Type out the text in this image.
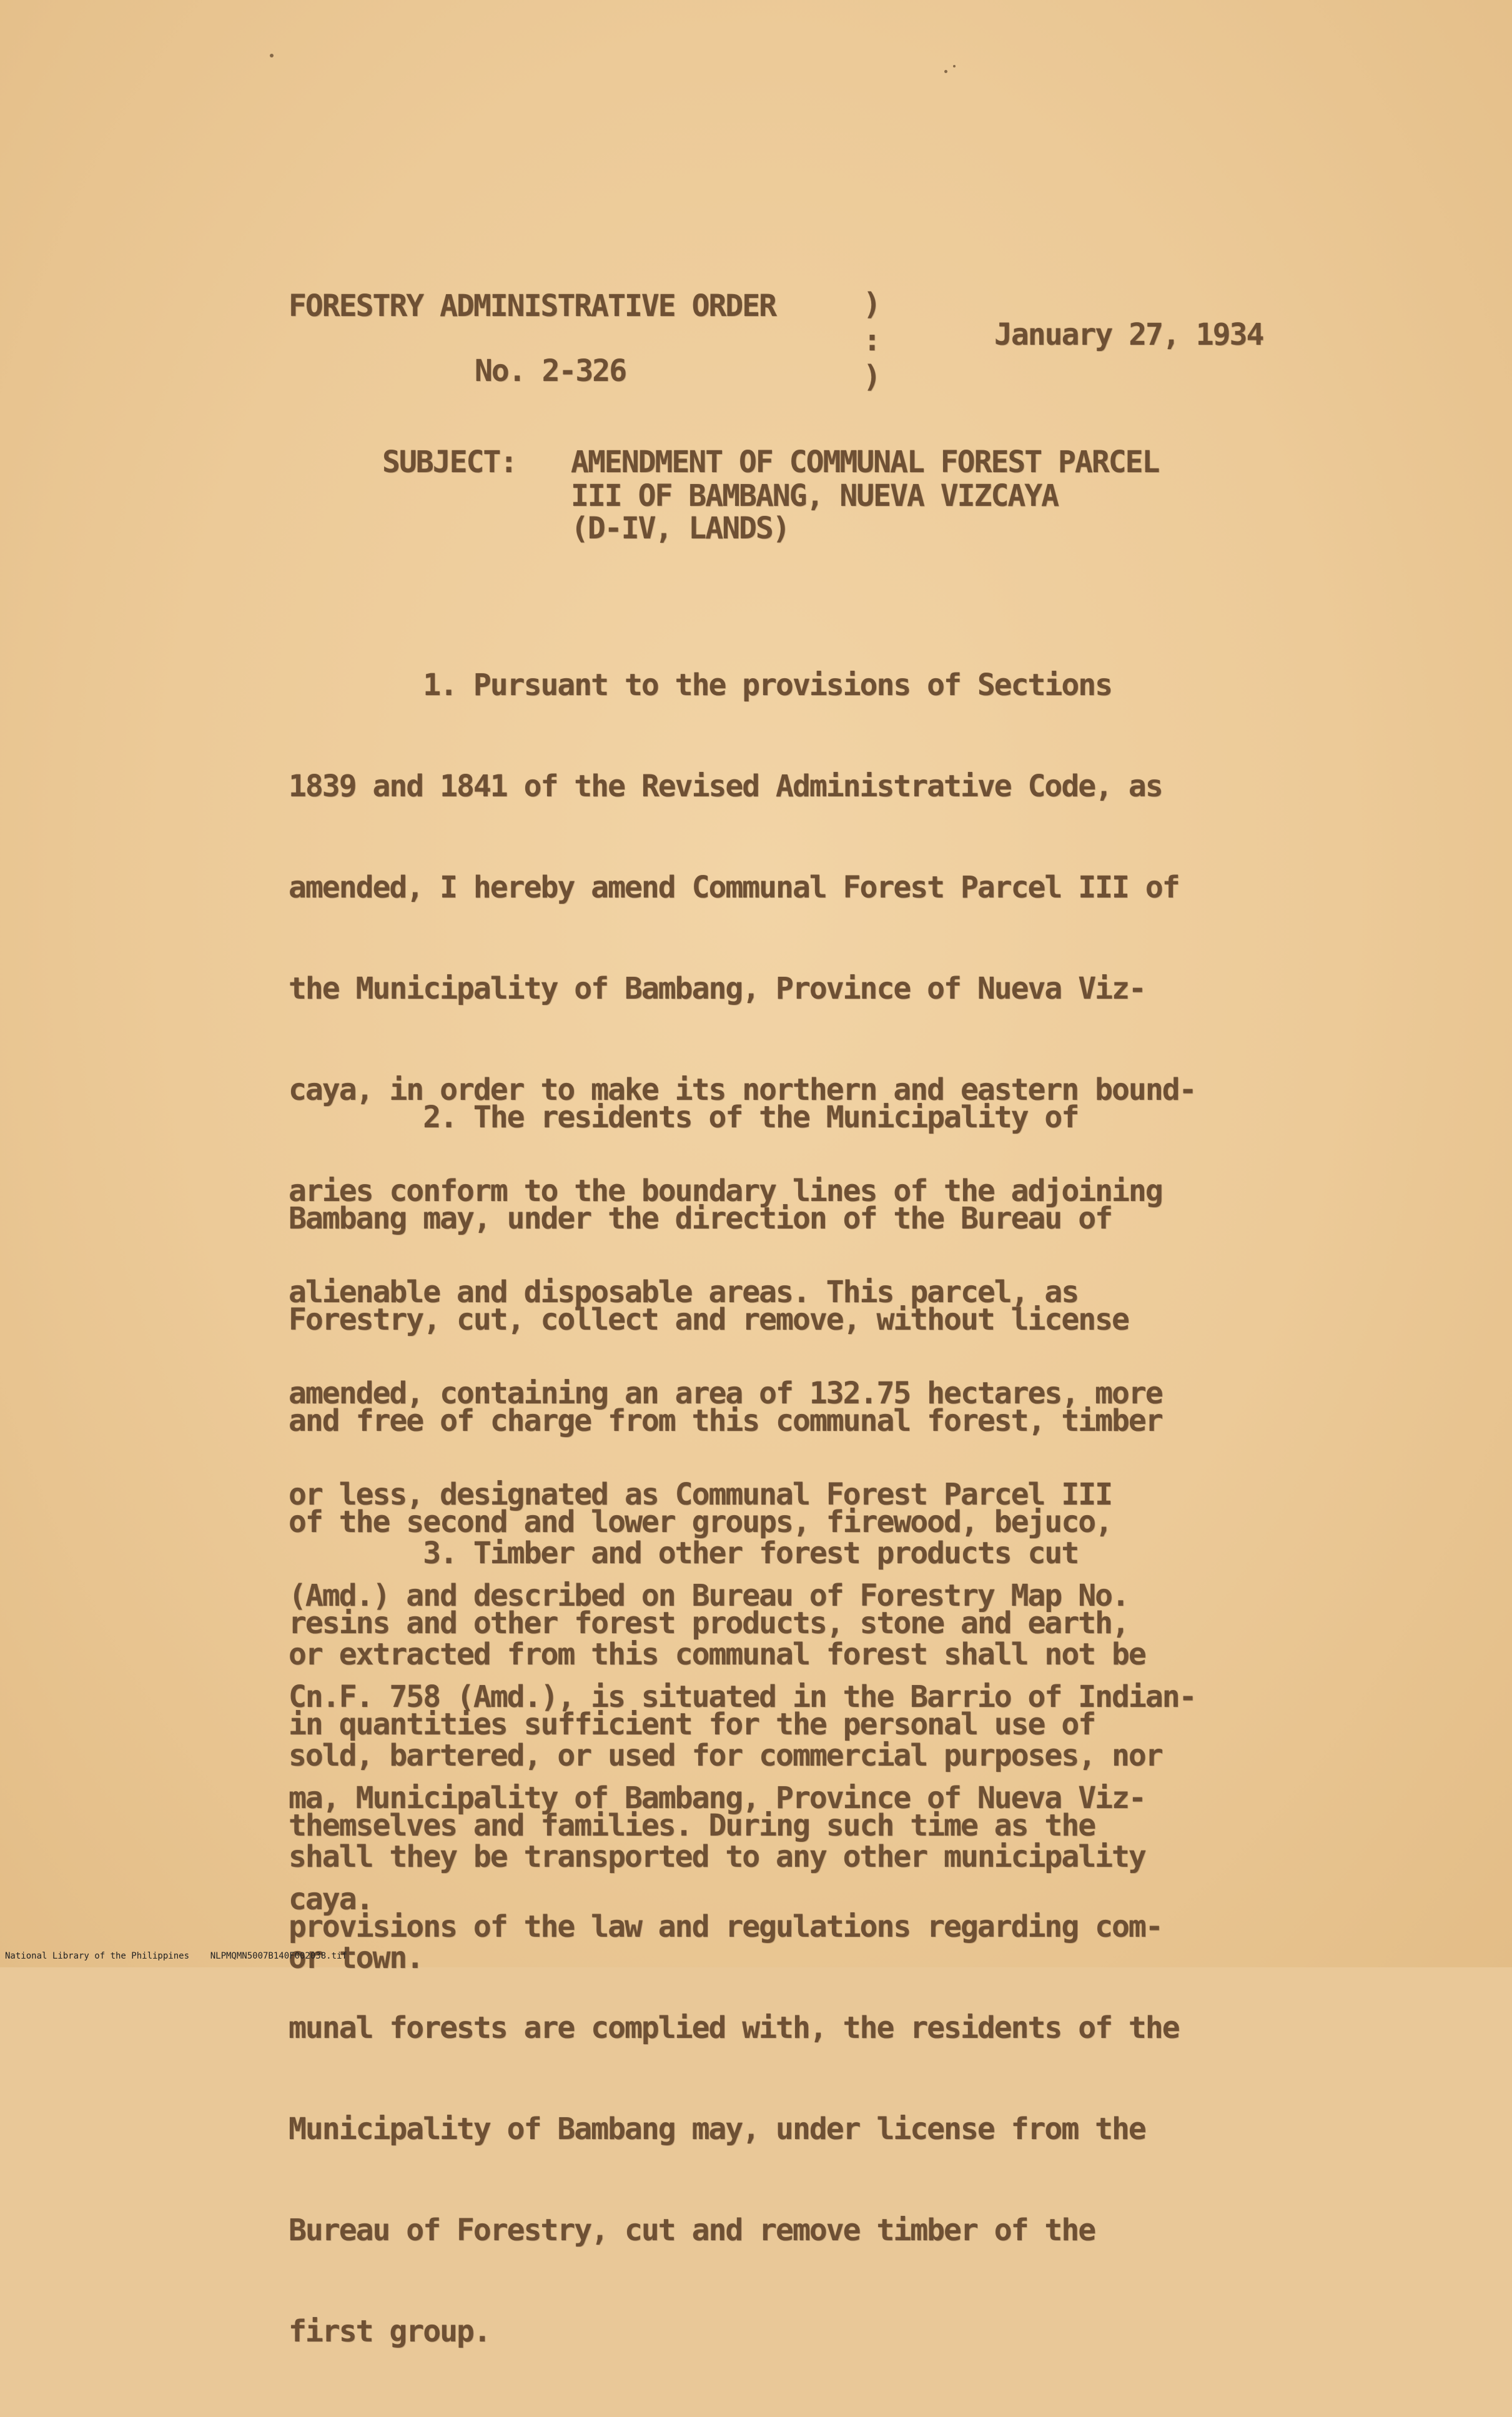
FORESTRY ADMINISTRATIVE ORDER
No. 2-326
)
:
)
January 27, 1934
SUBJECT: AMENDMENT OF COMMUNAL FOREST PARCEL
III OF BAMBANG, NUEVA VIZCAYA
(D-IV, LANDS)

1. Pursuant to the provisions of Sections

1839 and 1841 of the Revised Administrative Code, as

amended, I hereby amend Communal Forest Parcel III of

the Municipality of Bambang, Province of Nueva Viz-

caya, in order to make its northern and eastern bound-

aries conform to the boundary lines of the adjoining

alienable and disposable areas. This parcel, as

amended, containing an area of 132.75 hectares, more

or less, designated as Communal Forest Parcel III

(Amd.) and described on Bureau of Forestry Map No.

Cn.F. 758 (Amd.), is situated in the Barrio of Indian-

ma, Municipality of Bambang, Province of Nueva Viz-

caya.

2. The residents of the Municipality of

Bambang may, under the direction of the Bureau of

Forestry, cut, collect and remove, without license

and free of charge from this communal forest, timber

of the second and lower groups, firewood, bejuco,

resins and other forest products, stone and earth,

in quantities sufficient for the personal use of

themselves and families. During such time as the

provisions of the law and regulations regarding com-

munal forests are complied with, the residents of the

Municipality of Bambang may, under license from the

Bureau of Forestry, cut and remove timber of the

first group.

3. Timber and other forest products cut

or extracted from this communal forest shall not be

sold, bartered, or used for commercial purposes, nor

shall they be transported to any other municipality

or town.

National Library of the Philippines    NLPMQMN5007B140F002038.tif
